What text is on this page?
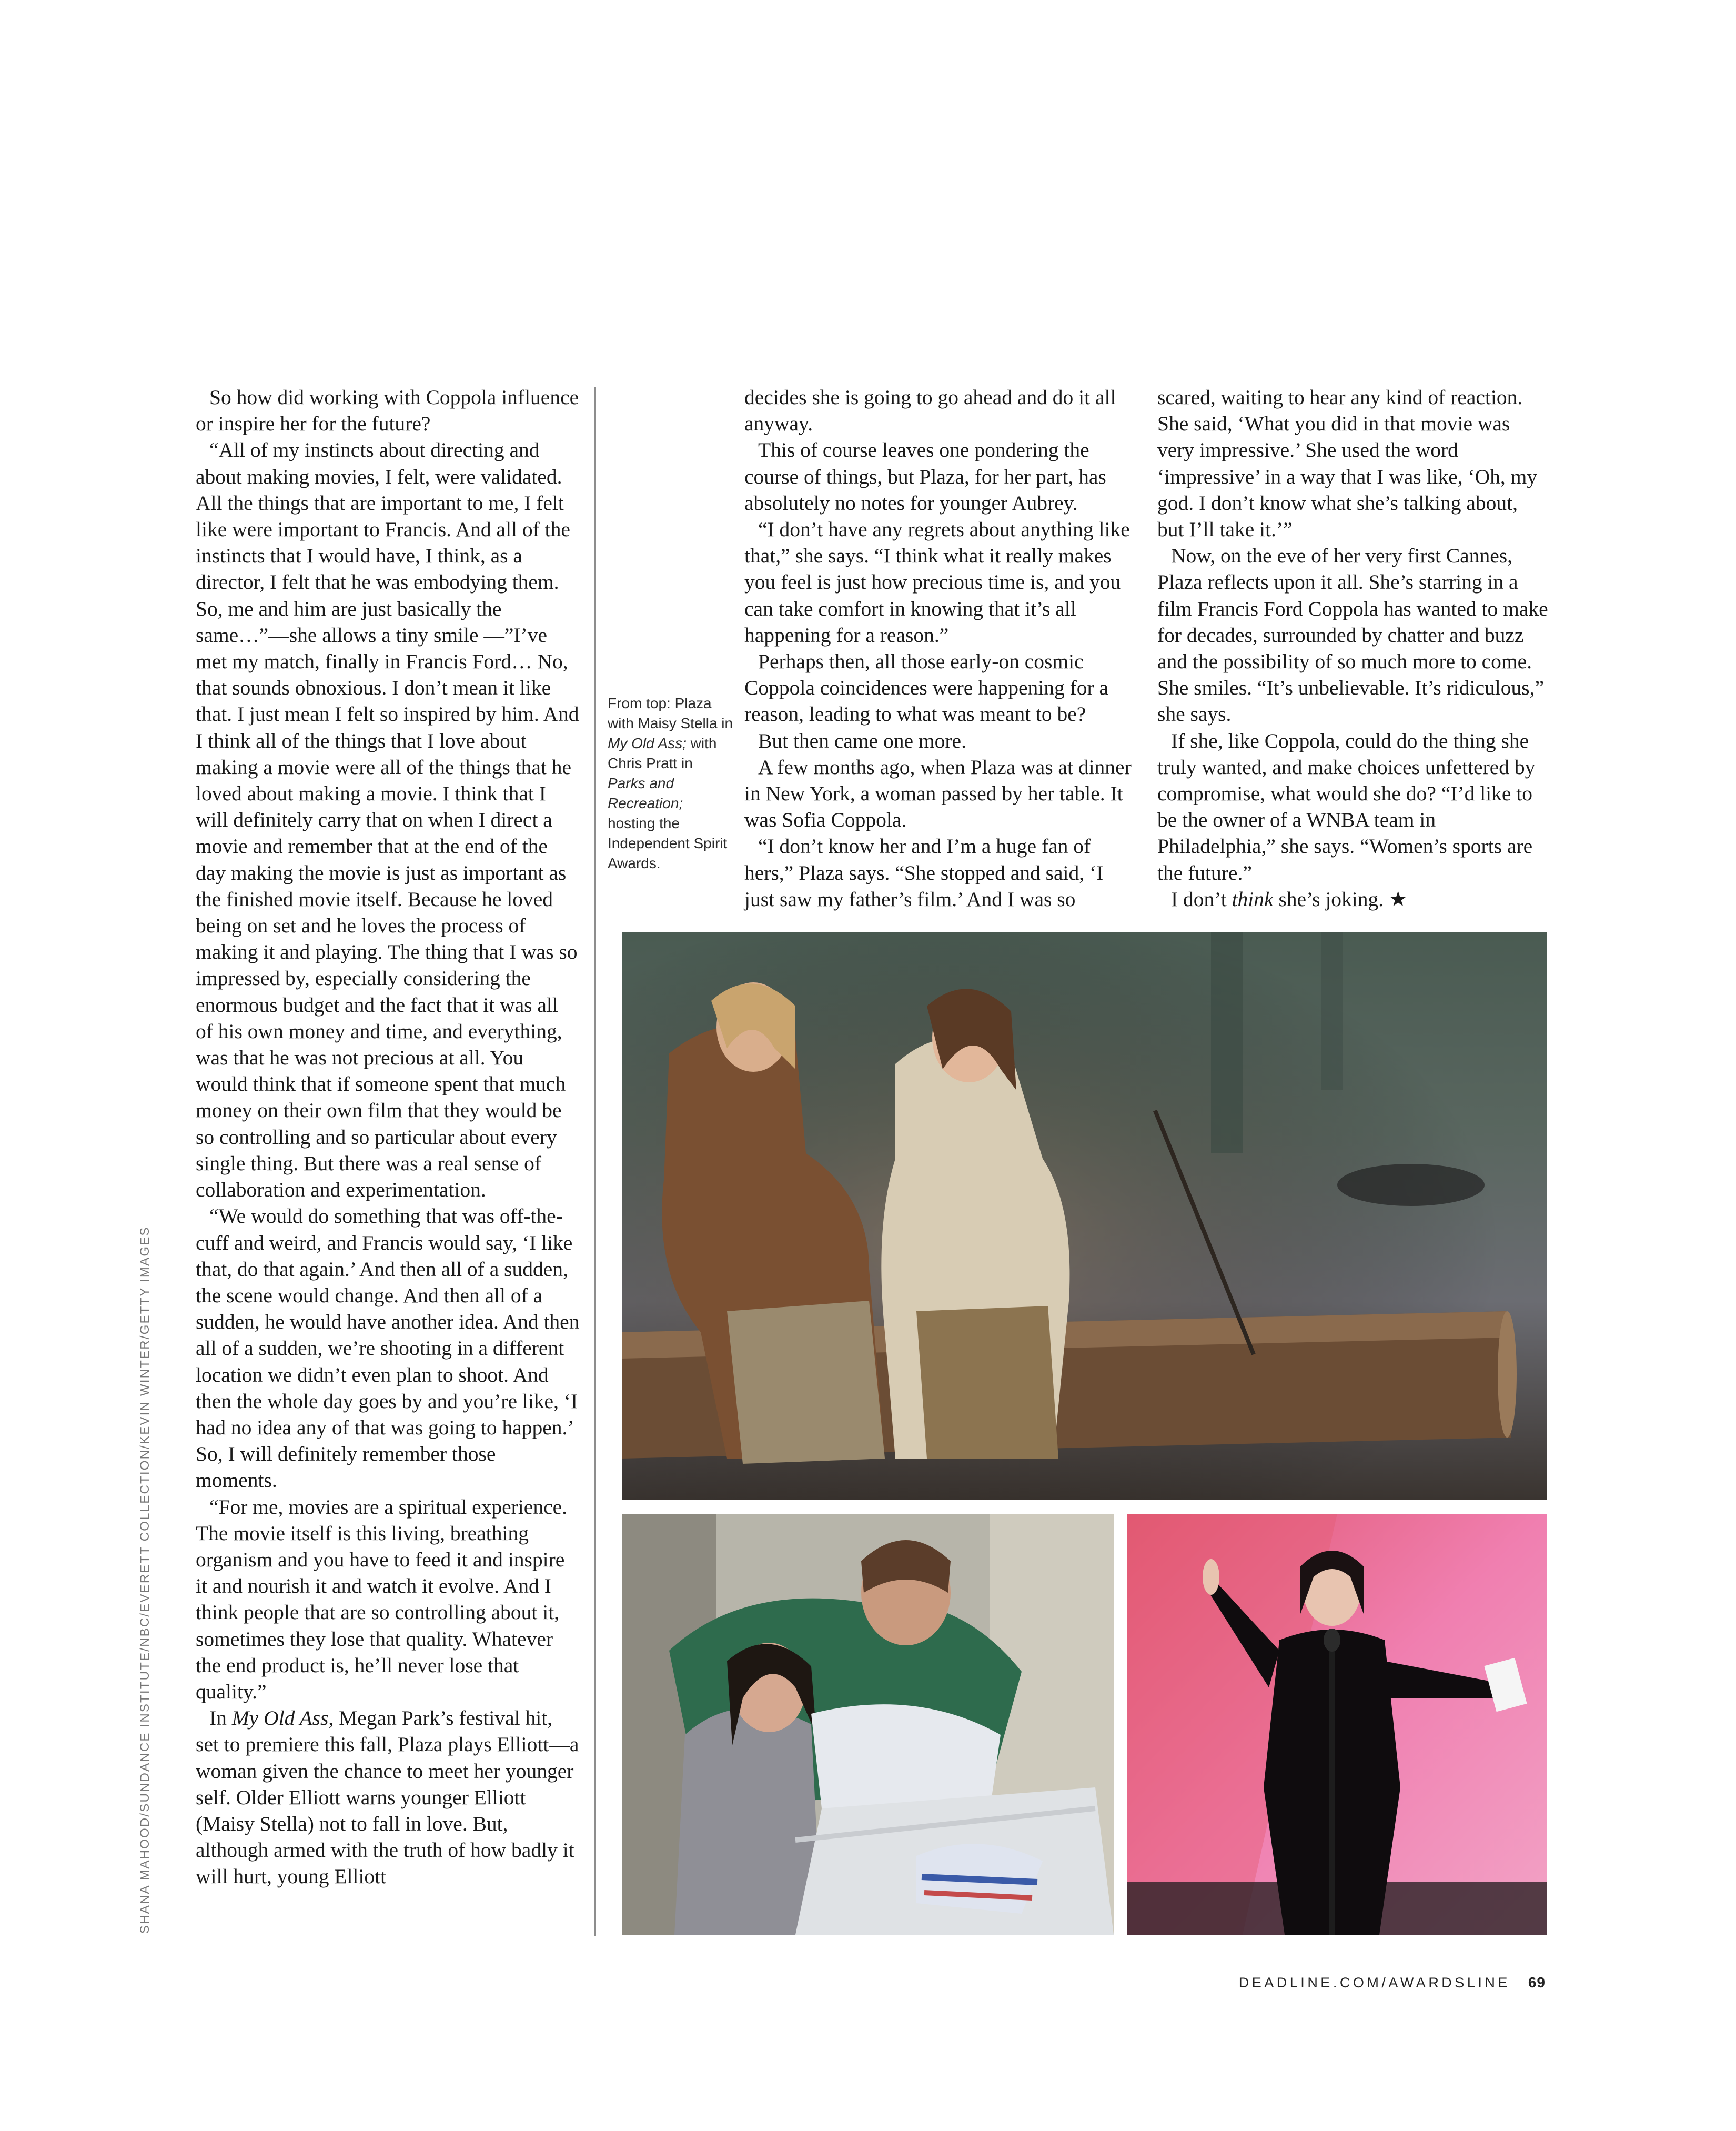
So how did working with Coppola influence or inspire her for the future?

“All of my instincts about directing and about making movies, I felt, were validated. All the things that are important to me, I felt like were important to Francis. And all of the instincts that I would have, I think, as a director, I felt that he was embodying them. So, me and him are just basically the same…”—she allows a tiny smile —”I’ve met my match, finally in Francis Ford… No, that sounds obnoxious. I don’t mean it like that. I just mean I felt so inspired by him. And I think all of the things that I love about making a movie were all of the things that he loved about making a movie. I think that I will definitely carry that on when I direct a movie and remember that at the end of the day making the movie is just as important as the finished movie itself. Because he loved being on set and he loves the process of making it and playing. The thing that I was so impressed by, especially considering the enormous budget and the fact that it was all of his own money and time, and everything, was that he was not precious at all. You would think that if someone spent that much money on their own film that they would be so controlling and so particular about every single thing. But there was a real sense of collaboration and experimentation.

“We would do something that was off-the-cuff and weird, and Francis would say, ‘I like that, do that again.’ And then all of a sudden, the scene would change. And then all of a sudden, he would have another idea. And then all of a sudden, we’re shooting in a different location we didn’t even plan to shoot. And then the whole day goes by and you’re like, ‘I had no idea any of that was going to happen.’ So, I will definitely remember those moments.

“For me, movies are a spiritual experience. The movie itself is this living, breathing organism and you have to feed it and inspire it and nourish it and watch it evolve. And I think people that are so controlling about it, sometimes they lose that quality. Whatever the end product is, he’ll never lose that quality.”

In My Old Ass, Megan Park’s festival hit, set to premiere this fall, Plaza plays Elliott—a woman given the chance to meet her younger self. Older Elliott warns younger Elliott (Maisy Stella) not to fall in love. But, although armed with the truth of how badly it will hurt, young Elliott

From top: Plaza with Maisy Stella in My Old Ass; with Chris Pratt in Parks and Recreation; hosting the Independent Spirit Awards.

decides she is going to go ahead and do it all anyway.

This of course leaves one pondering the course of things, but Plaza, for her part, has absolutely no notes for younger Aubrey.

“I don’t have any regrets about anything like that,” she says. “I think what it really makes you feel is just how precious time is, and you can take comfort in knowing that it’s all happening for a reason.”

Perhaps then, all those early-on cosmic Coppola coincidences were happening for a reason, leading to what was meant to be?

But then came one more.

A few months ago, when Plaza was at dinner in New York, a woman passed by her table. It was Sofia Coppola.

“I don’t know her and I’m a huge fan of hers,” Plaza says. “She stopped and said, ‘I just saw my father’s film.’ And I was so

scared, waiting to hear any kind of reaction. She said, ‘What you did in that movie was very impressive.’ She used the word ‘impressive’ in a way that I was like, ‘Oh, my god. I don’t know what she’s talking about, but I’ll take it.’”

Now, on the eve of her very first Cannes, Plaza reflects upon it all. She’s starring in a film Francis Ford Coppola has wanted to make for decades, surrounded by chatter and buzz and the possibility of so much more to come. She smiles. “It’s unbelievable. It’s ridiculous,” she says.

If she, like Coppola, could do the thing she truly wanted, and make choices unfettered by compromise, what would she do? “I’d like to be the owner of a WNBA team in Philadelphia,” she says. “Women’s sports are the future.”

I don’t think she’s joking. ★

SHANA MAHOOD/SUNDANCE INSTITUTE/NBC/EVERETT COLLECTION/KEVIN WINTER/GETTY IMAGES
DEADLINE.COM/AWARDSLINE 69
